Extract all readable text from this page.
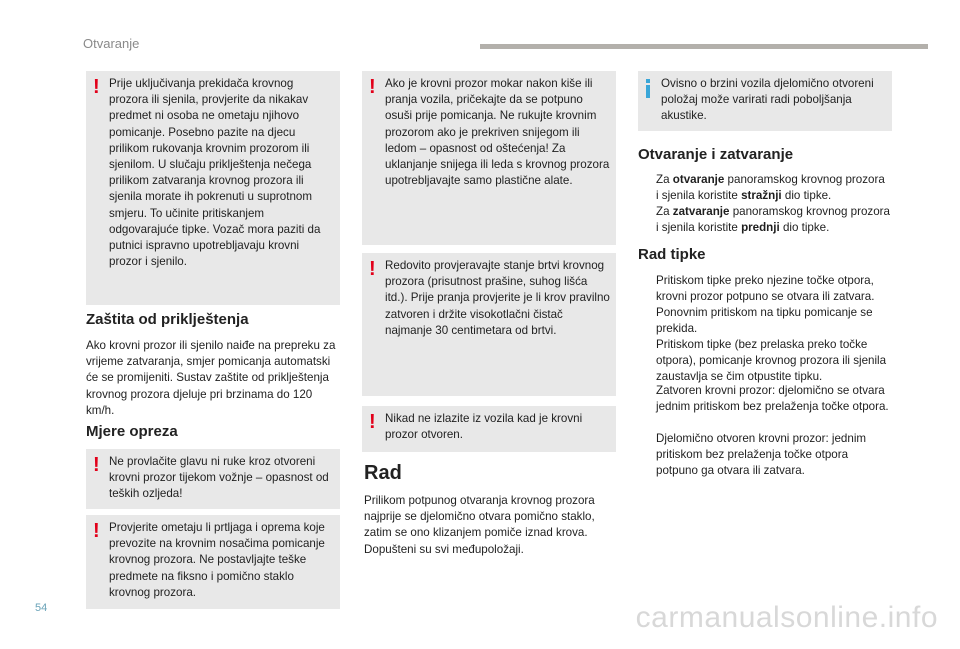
Otvaranje
! Prije uključivanja prekidača krovnog prozora ili sjenila, provjerite da nikakav predmet ni osoba ne ometaju njihovo pomicanje. Posebno pazite na djecu prilikom rukovanja krovnim prozorom ili sjenilom. U slučaju priklještenja nečega prilikom zatvaranja krovnog prozora ili sjenila morate ih pokrenuti u suprotnom smjeru. To učinite pritiskanjem odgovarajuće tipke. Vozač mora paziti da putnici ispravno upotrebljavaju krovni prozor i sjenilo.

Zaštita od priklještenja

Ako krovni prozor ili sjenilo naiđe na prepreku za vrijeme zatvaranja, smjer pomicanja automatski će se promijeniti. Sustav zaštite od priklještenja krovnog prozora djeluje pri brzinama do 120 km/h.

Mjere opreza
! Ne provlačite glavu ni ruke kroz otvoreni krovni prozor tijekom vožnje – opasnost od teških ozljeda!

! Provjerite ometaju li prtljaga i oprema koje prevozite na krovnim nosačima pomicanje krovnog prozora. Ne postavljajte teške predmete na fiksno i pomično staklo krovnog prozora.

! Ako je krovni prozor mokar nakon kiše ili pranja vozila, pričekajte da se potpuno osuši prije pomicanja. Ne rukujte krovnim prozorom ako je prekriven snijegom ili ledom – opasnost od oštećenja! Za uklanjanje snijega ili leda s krovnog prozora upotrebljavajte samo plastične alate.

! Redovito provjeravajte stanje brtvi krovnog prozora (prisutnost prašine, suhog lišća itd.). Prije pranja provjerite je li krov pravilno zatvoren i držite visokotlačni čistač najmanje 30 centimetara od brtvi.

! Nikad ne izlazite iz vozila kad je krovni prozor otvoren.

Rad

Prilikom potpunog otvaranja krovnog prozora najprije se djelomično otvara pomično staklo, zatim se ono klizanjem pomiče iznad krova. Dopušteni su svi međupoložaji.

Ovisno o brzini vozila djelomično otvoreni položaj može varirati radi poboljšanja akustike.

Otvaranje i zatvaranje
Za otvaranje panoramskog krovnog prozora i sjenila koristite stražnji dio tipke.
Za zatvaranje panoramskog krovnog prozora i sjenila koristite prednji dio tipke.
Rad tipke
Pritiskom tipke preko njezine točke otpora, krovni prozor potpuno se otvara ili zatvara.
Ponovnim pritiskom na tipku pomicanje se prekida.
Pritiskom tipke (bez prelaska preko točke otpora), pomicanje krovnog prozora ili sjenila zaustavlja se čim otpustite tipku.
Zatvoren krovni prozor: djelomično se otvara jednim pritiskom bez prelaženja točke otpora.
Djelomično otvoren krovni prozor: jednim pritiskom bez prelaženja točke otpora potpuno ga otvara ili zatvara.
54	carmanualsonline.info
